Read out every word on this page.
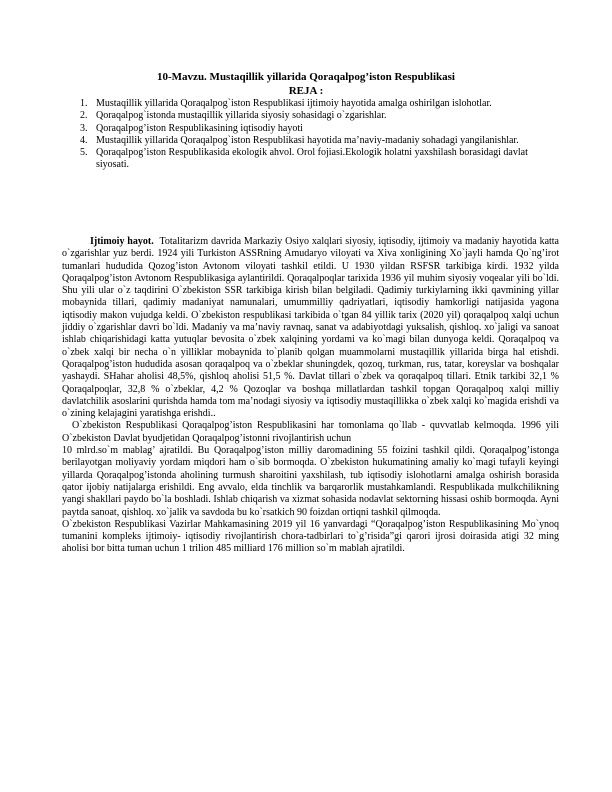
10-Mavzu. Mustaqillik yillarida Qoraqalpog’iston Respublikasi
REJA :
1. Mustaqillik yillarida Qoraqalpog`iston Respublikasi ijtimoiy hayotida amalga oshirilgan islohotlar.
2. Qoraqalpog`istonda mustaqillik yillarida siyosiy sohasidagi o`zgarishlar.
3. Qoraqalpog’iston Respublikasining iqtisodiy hayoti
4. Mustaqillik yillarida Qoraqalpog`iston Respublikasi hayotida ma’naviy-madaniy sohadagi yangilanishlar.
5. Qoraqalpog’iston Respublikasida ekologik ahvol. Orol fojiasi.Ekologik holatni yaxshilash borasidagi davlat siyosati.

Ijtimoiy hayot. Totalitarizm davrida Markaziy Osiyo xalqlari siyosiy, iqtisodiy, ijtimoiy va madaniy hayotida katta o`zgarishlar yuz berdi. 1924 yili Turkiston ASSRning Amudaryo viloyati va Xiva xonligining Xo`jayli hamda Qo`ng’irot tumanlari hududida Qozog’iston Avtonom viloyati tashkil etildi. U 1930 yildan RSFSR tarkibiga kirdi. 1932 yilda Qoraqalpog’iston Avtonom Respublikasiga aylantirildi. Qoraqalpoqlar tarixida 1936 yil muhim siyosiy voqealar yili bo`ldi. Shu yili ular o`z taqdirini O`zbekiston SSR tarkibiga kirish bilan belgiladi. Qadimiy turkiylarning ikki qavmining yillar mobaynida tillari, qadimiy madaniyat namunalari, umummilliy qadriyatlari, iqtisodiy hamkorligi natijasida yagona iqtisodiy makon vujudga keldi. O`zbekiston respublikasi tarkibida o`tgan 84 yillik tarix (2020 yil) qoraqalpoq xalqi uchun jiddiy o`zgarishlar davri bo`ldi. Madaniy va ma’naviy ravnaq, sanat va adabiyotdagi yuksalish, qishloq. xo`jaligi va sanoat ishlab chiqarishidagi katta yutuqlar bevosita o`zbek xalqining yordami va ko`magi bilan dunyoga keldi. Qoraqalpoq va o`zbek xalqi bir necha o`n yilliklar mobaynida to`planib qolgan muammolarni mustaqillik yillarida birga hal etishdi. Qoraqalpog’iston hududida asosan qoraqalpoq va o`zbeklar shuningdek, qozoq, turkman, rus, tatar, koreyslar va boshqalar yashaydi. SHahar aholisi 48,5%, qishloq aholisi 51,5 %. Davlat tillari o`zbek va qoraqalpoq tillari. Etnik tarkibi 32,1 % Qoraqalpoqlar, 32,8 % o`zbeklar, 4,2 % Qozoqlar va boshqa millatlardan tashkil topgan Qoraqalpoq xalqi milliy davlatchilik asoslarini qurishda hamda tom ma’nodagi siyosiy va iqtisodiy mustaqillikka o`zbek xalqi ko`magida erishdi va o`zining kelajagini yaratishga erishdi..

O`zbekiston Respublikasi Qoraqalpog’iston Respublikasini har tomonlama qo`llab - quvvatlab kelmoqda. 1996 yili O`zbekiston Davlat byudjetidan Qoraqalpog’istonni rivojlantirish uchun

10 mlrd.so`m mablag’ ajratildi. Bu Qoraqalpog’iston milliy daromadining 55 foizini tashkil qildi. Qoraqalpog’istonga berilayotgan moliyaviy yordam miqdori ham o`sib bormoqda. O`zbekiston hukumatining amaliy ko`magi tufayli keyingi yillarda Qoraqalpog’istonda aholining turmush sharoitini yaxshilash, tub iqtisodiy islohotlarni amalga oshirish borasida qator ijobiy natijalarga erishildi. Eng avvalo, elda tinchlik va barqarorlik mustahkamlandi. Respublikada mulkchilikning yangi shakllari paydo bo`la boshladi. Ishlab chiqarish va xizmat sohasida nodavlat sektorning hissasi oshib bormoqda. Ayni paytda sanoat, qishloq. xo`jalik va savdoda bu ko`rsatkich 90 foizdan ortiqni tashkil qilmoqda.

O`zbekiston Respublikasi Vazirlar Mahkamasining 2019 yil 16 yanvardagi “Qoraqalpog’iston Respublikasining Mo`ynoq tumanini kompleks ijtimoiy- iqtisodiy rivojlantirish chora-tadbirlari to`g’risida”gi qarori ijrosi doirasida atigi 32 ming aholisi bor bitta tuman uchun 1 trilion 485 milliard 176 million so`m mablah ajratildi.
